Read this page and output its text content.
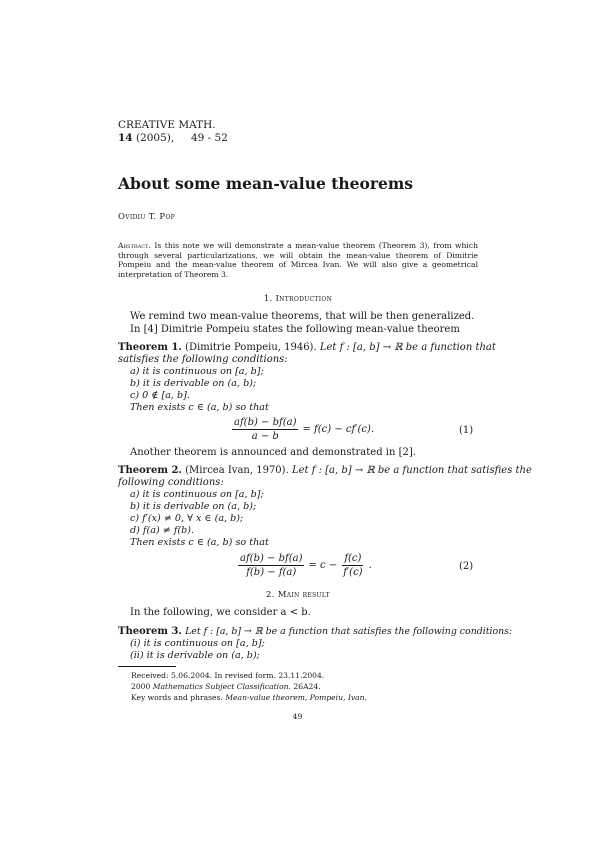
CREATIVE MATH.
14 (2005), 49 - 52
About some mean-value theorems
Ovidiu T. Pop
Abstract. Is this note we will demonstrate a mean-value theorem (Theorem 3), from which through several particularizations, we will obtain the mean-value theorem of Dimitrie Pompeiu and the mean-value theorem of Mircea Ivan. We will also give a geometrical interpretation of Theorem 3.
1. Introduction
We remind two mean-value theorems, that will be then generalized.
In [4] Dimitrie Pompeiu states the following mean-value theorem
Theorem 1. (Dimitrie Pompeiu, 1946). Let f : [a, b] → ℝ be a function that
satisfies the following conditions:
a) it is continuous on [a, b];
b) it is derivable on (a, b);
c) 0 ∉ [a, b].
Then exists c ∈ (a, b) so that
$\frac{af(b) - bf(a)}{a - b} = f(c) - cf'(c)$.	(1)
Another theorem is announced and demonstrated in [2].
Theorem 2. (Mircea Ivan, 1970). Let f : [a, b] → ℝ be a function that satisfies the
following conditions:
a) it is continuous on [a, b];
b) it is derivable on (a, b);
c) f′(x) ≠ 0, ∀ x ∈ (a, b);
d) f(a) ≠ f(b).
Then exists c ∈ (a, b) so that
$\frac{af(b) - bf(a)}{f(b) - f(a)} = c - \frac{f(c)}{f'(c)}$ .	(2)
2. Main result
In the following, we consider a < b.
Theorem 3. Let f : [a, b] → ℝ be a function that satisfies the following conditions:
(i) it is continuous on [a, b];
(ii) it is derivable on (a, b);
Received: 5.06.2004. In revised form. 23.11.2004.
2000 Mathematics Subject Classification. 26A24.
Key words and phrases. Mean-value theorem, Pompeiu, Ivan.
49
